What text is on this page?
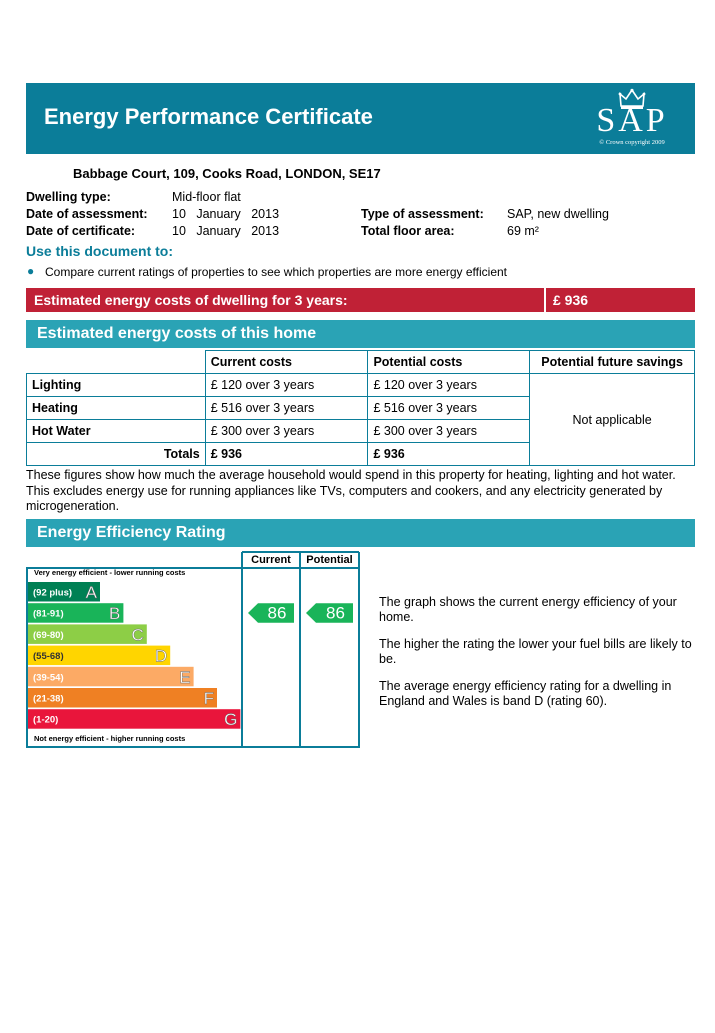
Energy Performance Certificate	SAP
© Crown copyright 2009
Babbage Court, 109, Cooks Road, LONDON, SE17
Dwelling type:	Mid-floor flat
Date of assessment: 10   January   2013
Date of certificate:	10   January   2013
Type of assessment: SAP, new dwelling
Total floor area:	69 m²
Use this document to:
● Compare current ratings of properties to see which properties are more energy efficient
Estimated energy costs of dwelling for 3 years:	£ 936
Estimated energy costs of this home
	Current costs	Potential costs	Potential future savings
Lighting	£ 120 over 3 years	£ 120 over 3 years	Not applicable
Heating	£ 516 over 3 years	£ 516 over 3 years	
Hot Water	£ 300 over 3 years	£ 300 over 3 years	
Totals	£ 936	£ 936	
These figures show how much the average household would spend in this property for heating, lighting and hot water. This excludes energy use for running appliances like TVs, computers and cookers, and any electricity generated by microgeneration.
Energy Efficiency Rating
Current Potential
Very energy efficient - lower running costs
Not energy efficient - higher running costs
(92 plus) A
(81-91)	B
(69-80)	C
(55-68)	D
(39-54)	E
(21-38)	F
(1-20)	G
86 86
The graph shows the current energy efficiency of your home.
The higher the rating the lower your fuel bills are likely to be.
The average energy efficiency rating for a dwelling in England and Wales is band D (rating 60).
